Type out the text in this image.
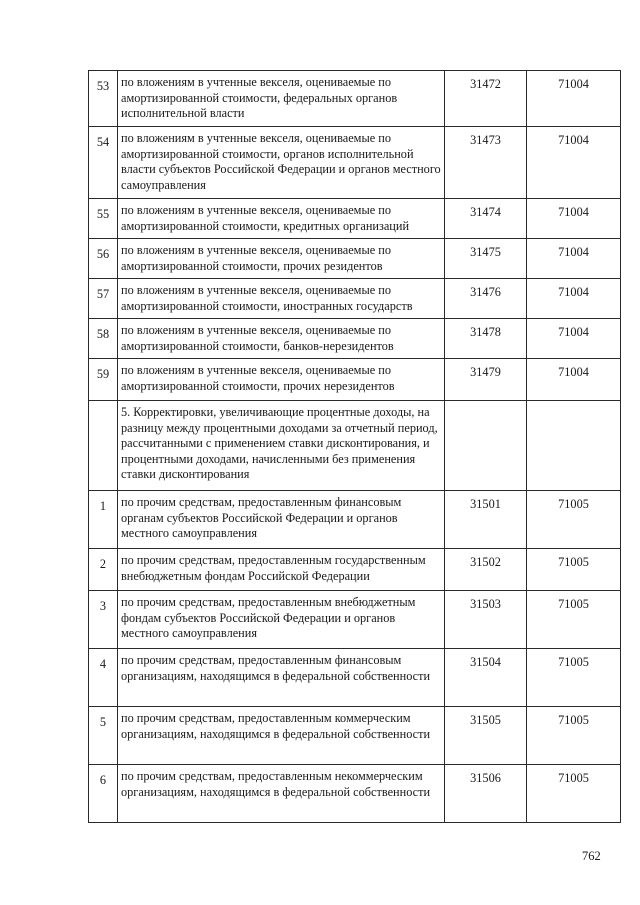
53	по вложениям в учтенные векселя, оцениваемые по амортизированной стоимости, федеральных органов исполнительной власти	31472	71004
54	по вложениям в учтенные векселя, оцениваемые по амортизированной стоимости, органов исполнительной власти субъектов Российской Федерации и органов местного самоуправления	31473	71004
55	по вложениям в учтенные векселя, оцениваемые по амортизированной стоимости, кредитных организаций	31474	71004
56	по вложениям в учтенные векселя, оцениваемые по амортизированной стоимости, прочих резидентов	31475	71004
57	по вложениям в учтенные векселя, оцениваемые по амортизированной стоимости, иностранных государств	31476	71004
58	по вложениям в учтенные векселя, оцениваемые по амортизированной стоимости, банков-нерезидентов	31478	71004
59	по вложениям в учтенные векселя, оцениваемые по амортизированной стоимости, прочих нерезидентов	31479	71004
	5. Корректировки, увеличивающие процентные доходы, на разницу между процентными доходами за отчетный период, рассчитанными с применением ставки дисконтирования, и процентными доходами, начисленными без применения ставки дисконтирования		
1	по прочим средствам, предоставленным финансовым органам субъектов Российской Федерации и органов местного самоуправления	31501	71005
2	по прочим средствам, предоставленным государственным внебюджетным фондам Российской Федерации	31502	71005
3	по прочим средствам, предоставленным внебюджетным фондам субъектов Российской Федерации и органов местного самоуправления	31503	71005
4	по прочим средствам, предоставленным финансовым организациям, находящимся в федеральной собственности	31504	71005
5	по прочим средствам, предоставленным коммерческим организациям, находящимся в федеральной собственности	31505	71005
6	по прочим средствам, предоставленным некоммерческим организациям, находящимся в федеральной собственности	31506	71005
762
